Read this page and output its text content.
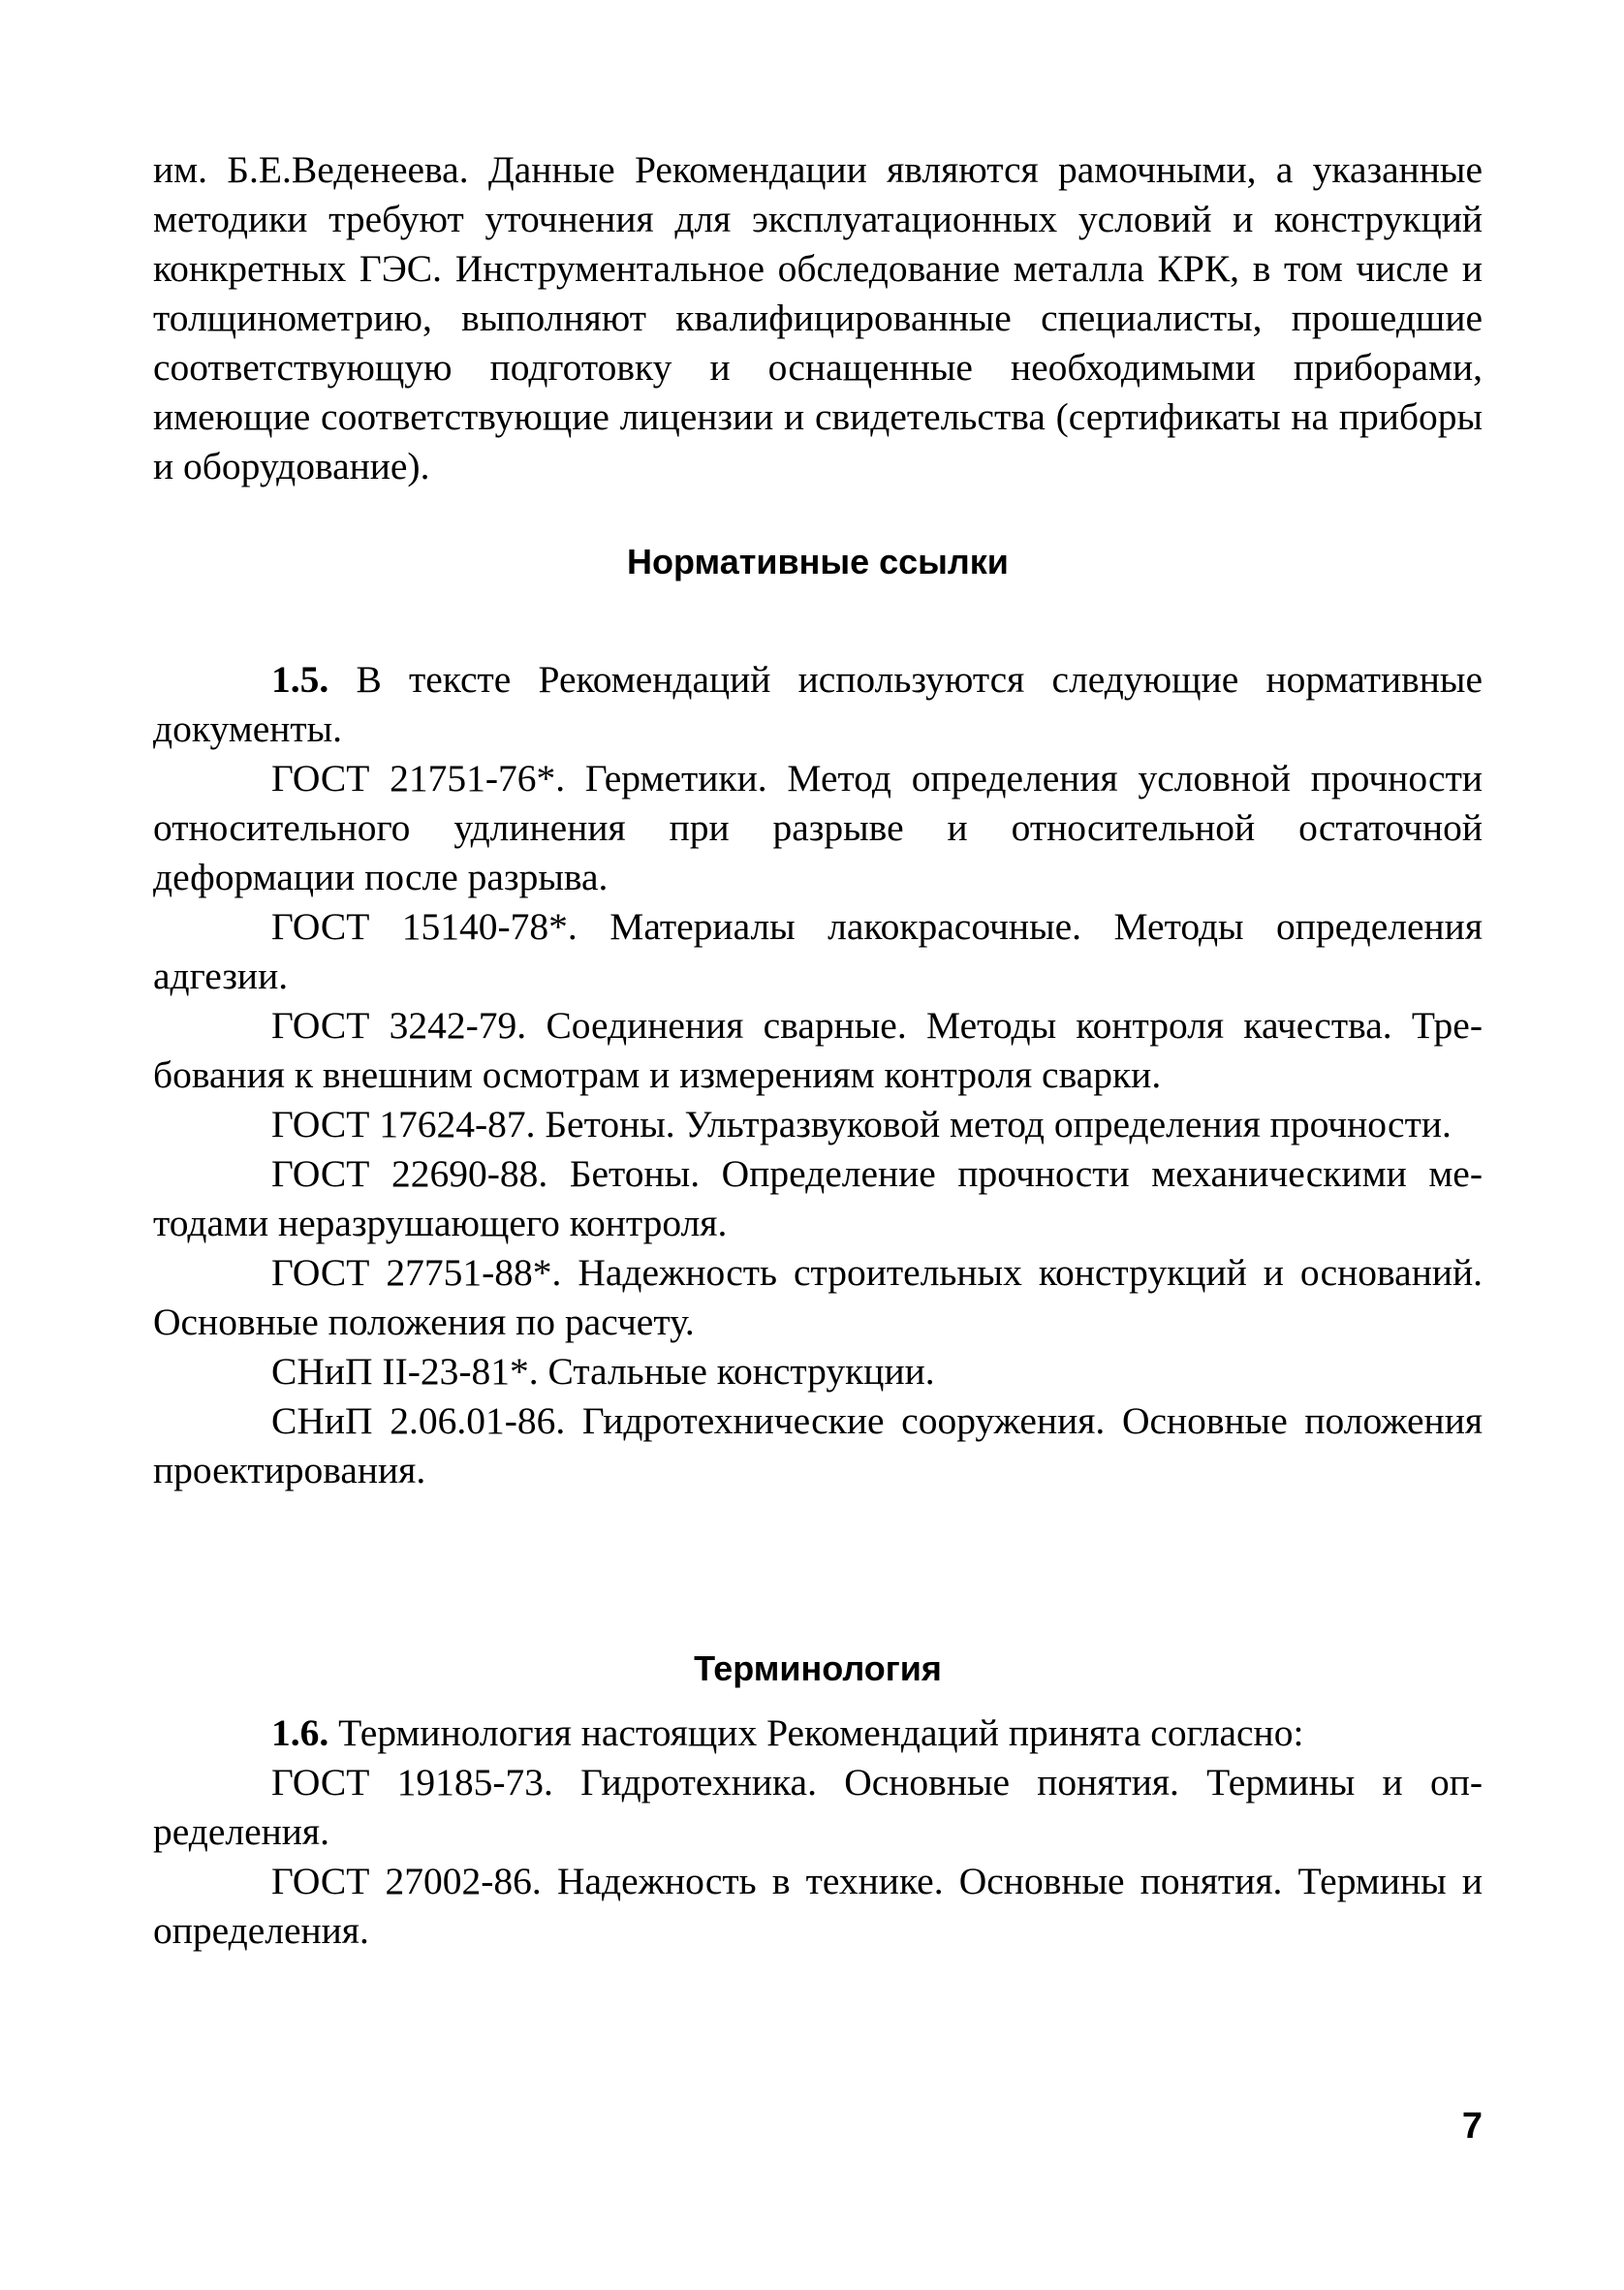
им. Б.Е.Веденеева. Данные Рекомендации являются рамочными, а указанные методики требуют уточнения для эксплуатационных условий и конструкций конкретных ГЭС. Инструментальное обследование металла КРК, в том числе и толщинометрию, выполняют квалифицированные специалисты, прошедшие соответствующую подготовку и оснащенные необходимыми приборами, имеющие соответствующие лицензии и свидетельства (сертификаты на приборы и оборудование).

Нормативные ссылки

1.5. В тексте Рекомендаций используются следующие нормативные документы.

ГОСТ 21751-76*. Герметики. Метод определения условной прочности относительного удлинения при разрыве и относительной остаточной деформации после разрыва.

ГОСТ 15140-78*. Материалы лакокрасочные. Методы определения адгезии.

ГОСТ 3242-79. Соединения сварные. Методы контроля качества. Требования к внешним осмотрам и измерениям контроля сварки.

ГОСТ 17624-87. Бетоны. Ультразвуковой метод определения прочности.

ГОСТ 22690-88. Бетоны. Определение прочности механическими методами неразрушающего контроля.

ГОСТ 27751-88*. Надежность строительных конструкций и оснований. Основные положения по расчету.

СНиП II-23-81*. Стальные конструкции.

СНиП 2.06.01-86. Гидротехнические сооружения. Основные положения проектирования.

Терминология

1.6. Терминология настоящих Рекомендаций принята согласно:

ГОСТ 19185-73. Гидротехника. Основные понятия. Термины и определения.

ГОСТ 27002-86. Надежность в технике. Основные понятия. Термины и определения.

7
